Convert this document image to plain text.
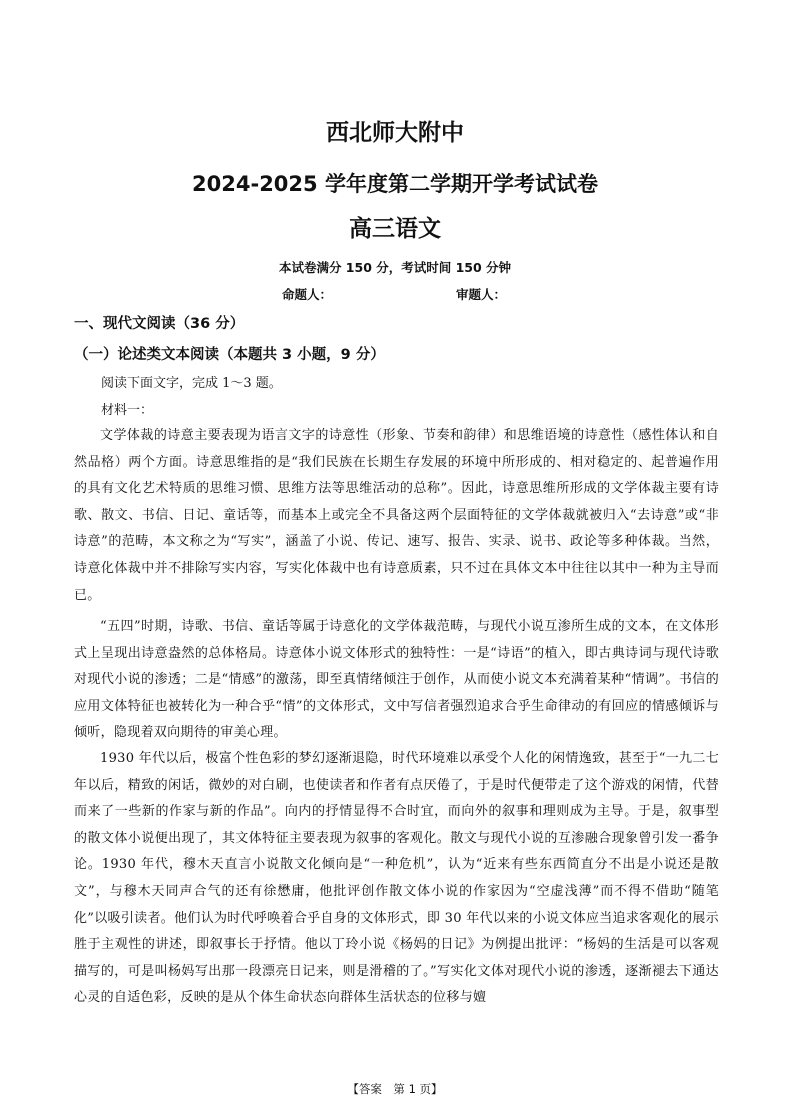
西北师大附中
2024-2025 学年度第二学期开学考试试卷
高三语文
本试卷满分 150 分，考试时间 150 分钟
命题人：	审题人：
一、现代文阅读（36 分）
（一）论述类文本阅读（本题共 3 小题，9 分）
阅读下面文字，完成 1～3 题。
材料一：

文学体裁的诗意主要表现为语言文字的诗意性（形象、节奏和韵律）和思维语境的诗意性（感性体认和自然品格）两个方面。诗意思维指的是“我们民族在长期生存发展的环境中所形成的、相对稳定的、起普遍作用的具有文化艺术特质的思维习惯、思维方法等思维活动的总称”。因此，诗意思维所形成的文学体裁主要有诗歌、散文、书信、日记、童话等，而基本上或完全不具备这两个层面特征的文学体裁就被归入“去诗意”或“非诗意”的范畴，本文称之为“写实”，涵盖了小说、传记、速写、报告、实录、说书、政论等多种体裁。当然，诗意化体裁中并不排除写实内容，写实化体裁中也有诗意质素，只不过在具体文本中往往以其中一种为主导而已。

“五四”时期，诗歌、书信、童话等属于诗意化的文学体裁范畴，与现代小说互渗所生成的文本，在文体形式上呈现出诗意盎然的总体格局。诗意体小说文体形式的独特性：一是“诗语”的植入，即古典诗词与现代诗歌对现代小说的渗透；二是“情感”的激荡，即至真情绪倾注于创作，从而使小说文本充满着某种“情调”。书信的应用文体特征也被转化为一种合乎“情”的文体形式，文中写信者强烈追求合乎生命律动的有回应的情感倾诉与倾听，隐现着双向期待的审美心理。

1930 年代以后，极富个性色彩的梦幻逐渐退隐，时代环境难以承受个人化的闲情逸致，甚至于“一九二七年以后，精致的闲话，微妙的对白刷，也使读者和作者有点厌倦了，于是时代便带走了这个游戏的闲情，代替而来了一些新的作家与新的作品”。向内的抒情显得不合时宜，而向外的叙事和理则成为主导。于是，叙事型的散文体小说便出现了，其文体特征主要表现为叙事的客观化。散文与现代小说的互渗融合现象曾引发一番争论。1930 年代，穆木天直言小说散文化倾向是“一种危机”，认为“近来有些东西简直分不出是小说还是散文”，与穆木天同声合气的还有徐懋庸，他批评创作散文体小说的作家因为“空虚浅薄”而不得不借助“随笔化”以吸引读者。他们认为时代呼唤着合乎自身的文体形式，即 30 年代以来的小说文体应当追求客观化的展示胜于主观性的讲述，即叙事长于抒情。他以丁玲小说《杨妈的日记》为例提出批评：“杨妈的生活是可以客观描写的，可是叫杨妈写出那一段漂亮日记来，则是滑稽的了。”写实化文体对现代小说的渗透，逐渐褪去下通达心灵的自适色彩，反映的是从个体生命状态向群体生活状态的位移与嬗

【答案　第 1 页】
